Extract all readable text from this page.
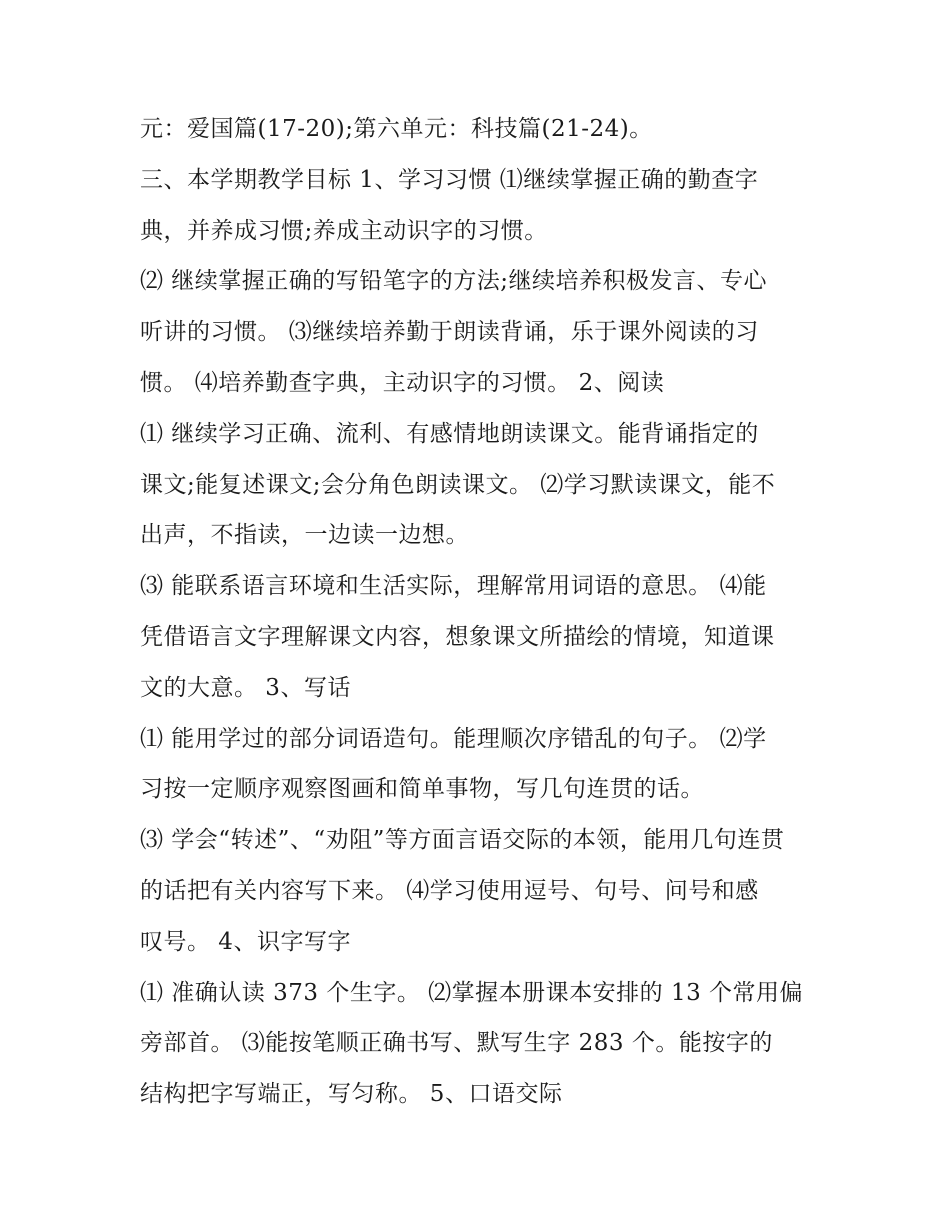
元：爱国篇(17-20);第六单元：科技篇(21-24)。
三、本学期教学目标 1、学习习惯 ⑴继续掌握正确的勤查字
典，并养成习惯;养成主动识字的习惯。
⑵ 继续掌握正确的写铅笔字的方法;继续培养积极发言、专心
听讲的习惯。 ⑶继续培养勤于朗读背诵，乐于课外阅读的习
惯。 ⑷培养勤查字典，主动识字的习惯。 2、阅读
⑴ 继续学习正确、流利、有感情地朗读课文。能背诵指定的
课文;能复述课文;会分角色朗读课文。 ⑵学习默读课文，能不
出声，不指读，一边读一边想。
⑶ 能联系语言环境和生活实际，理解常用词语的意思。 ⑷能
凭借语言文字理解课文内容，想象课文所描绘的情境，知道课
文的大意。 3、写话
⑴ 能用学过的部分词语造句。能理顺次序错乱的句子。 ⑵学
习按一定顺序观察图画和简单事物，写几句连贯的话。
⑶ 学会“转述”、“劝阻”等方面言语交际的本领，能用几句连贯
的话把有关内容写下来。 ⑷学习使用逗号、句号、问号和感
叹号。 4、识字写字
⑴ 准确认读 373 个生字。 ⑵掌握本册课本安排的 13 个常用偏
旁部首。 ⑶能按笔顺正确书写、默写生字 283 个。能按字的
结构把字写端正，写匀称。 5、口语交际
